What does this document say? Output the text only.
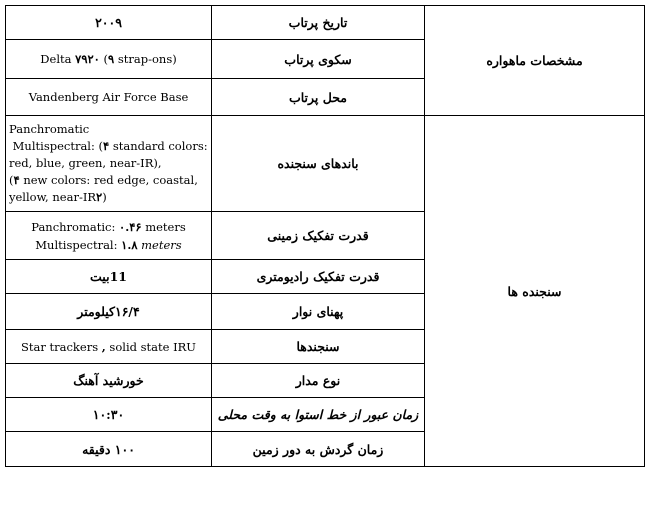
مشخصات ماهواره	تاریخ پرتاب	۲۰۰۹
	سکوی پرتاب	Delta ۷۹۲۰ (۹ strap-ons)
	محل پرتاب	Vandenberg Air Force Base
سنجنده ها	باندهای سنجنده	Panchromatic
Multispectral: (۴ standard colors:
red, blue, green, near-IR),
(۴ new colors: red edge, coastal,
yellow, near-IR۲)

	قدرت تفکیک زمینی	Panchromatic: ۰.۴۶ meters
Multispectral: ۱.۸ meters

	قدرت تفکیک رادیومتری	11بیت
	پهنای نوار	۱۶/۴کیلومتر
	سنجندها	Star trackers , solid state IRU
	نوع مدار	خورشید آهنگ
	زمان عبور از خط استوا به وقت محلی	۱۰:۳۰
	زمان گردش به دور زمین	۱۰۰ دقیقه
